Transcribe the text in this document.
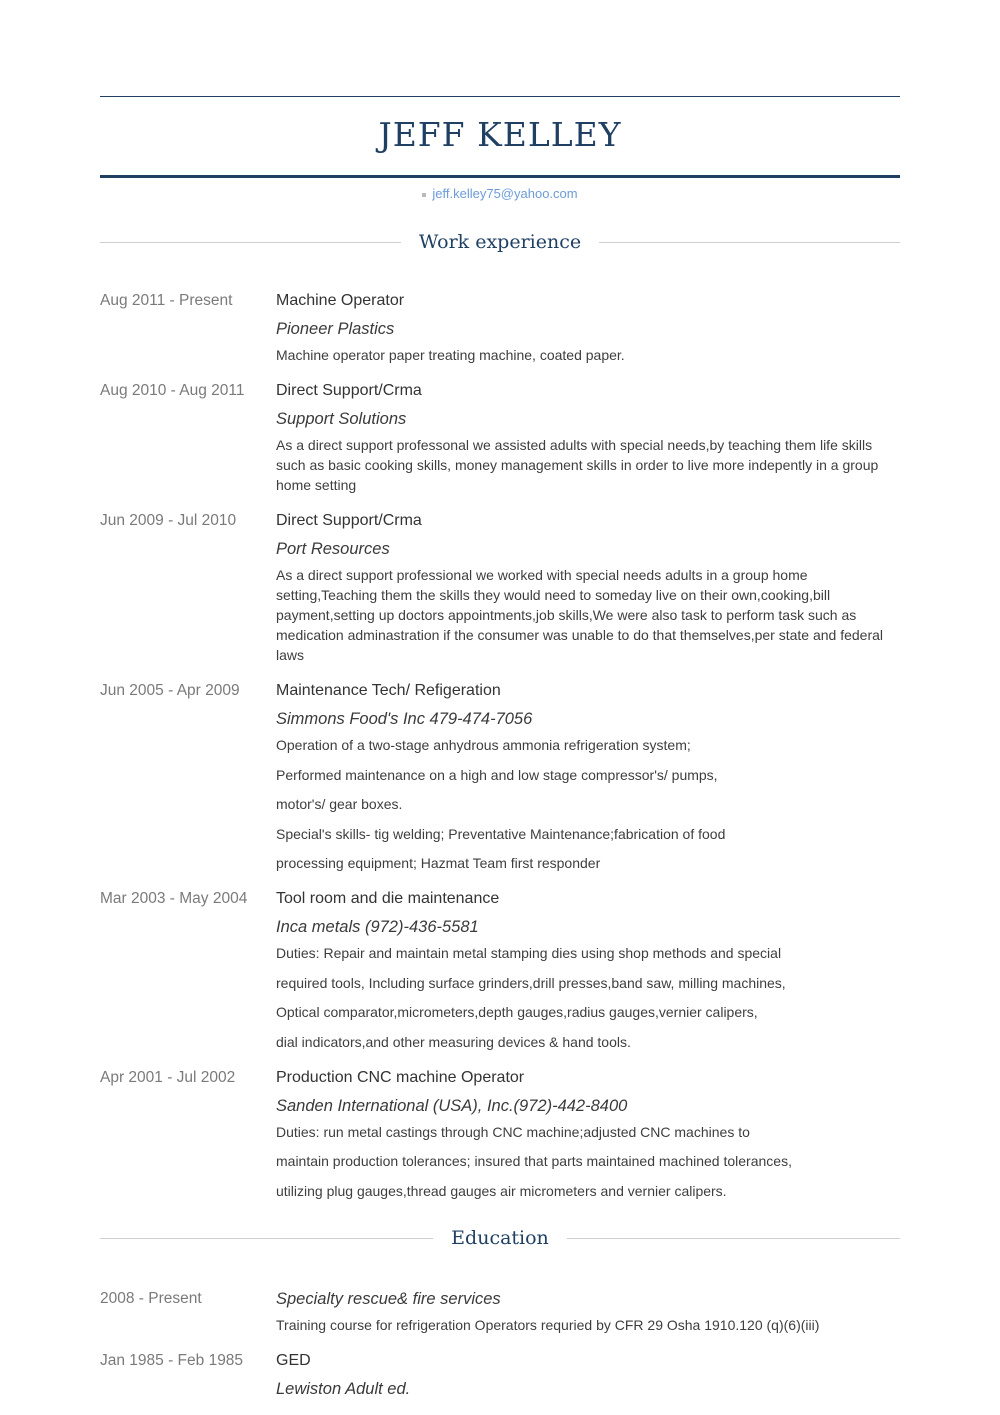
JEFF KELLEY
jeff.kelley75@yahoo.com
Work experience
Aug 2011 - Present	Machine Operator
Pioneer Plastics

Machine operator paper treating machine, coated paper.

Aug 2010 - Aug 2011	Direct Support/Crma
Support Solutions

As a direct support professonal we assisted adults with special needs,by teaching them life skills such as basic cooking skills, money management skills in order to live more indepently in a group home setting

Jun 2009 - Jul 2010	Direct Support/Crma
Port Resources

As a direct support professional we worked with special needs adults in a group home setting,Teaching them the skills they would need to someday live on their own,cooking,bill payment,setting up doctors appointments,job skills,We were also task to perform task such as medication adminastration if the consumer was unable to do that themselves,per state and federal laws

Jun 2005 - Apr 2009	Maintenance Tech/ Refigeration
Simmons Food's Inc 479-474-7056

Operation of a two-stage anhydrous ammonia refrigeration system;

Performed maintenance on a high and low stage compressor's/ pumps,

motor's/ gear boxes.

Special's skills- tig welding; Preventative Maintenance;fabrication of food

processing equipment; Hazmat Team first responder

Mar 2003 - May 2004	Tool room and die maintenance
Inca metals (972)-436-5581

Duties: Repair and maintain metal stamping dies using shop methods and special

required tools, Including surface grinders,drill presses,band saw, milling machines,

Optical comparator,micrometers,depth gauges,radius gauges,vernier calipers,

dial indicators,and other measuring devices & hand tools.

Apr 2001 - Jul 2002	Production CNC machine Operator
Sanden International (USA), Inc.(972)-442-8400

Duties: run metal castings through CNC machine;adjusted CNC machines to

maintain production tolerances; insured that parts maintained machined tolerances,

utilizing plug gauges,thread gauges air micrometers and vernier calipers.

Education
2008 - Present	Specialty rescue& fire services

Training course for refrigeration Operators requried by CFR 29 Osha 1910.120 (q)(6)(iii)

Jan 1985 - Feb 1985	GED
Lewiston Adult ed.
